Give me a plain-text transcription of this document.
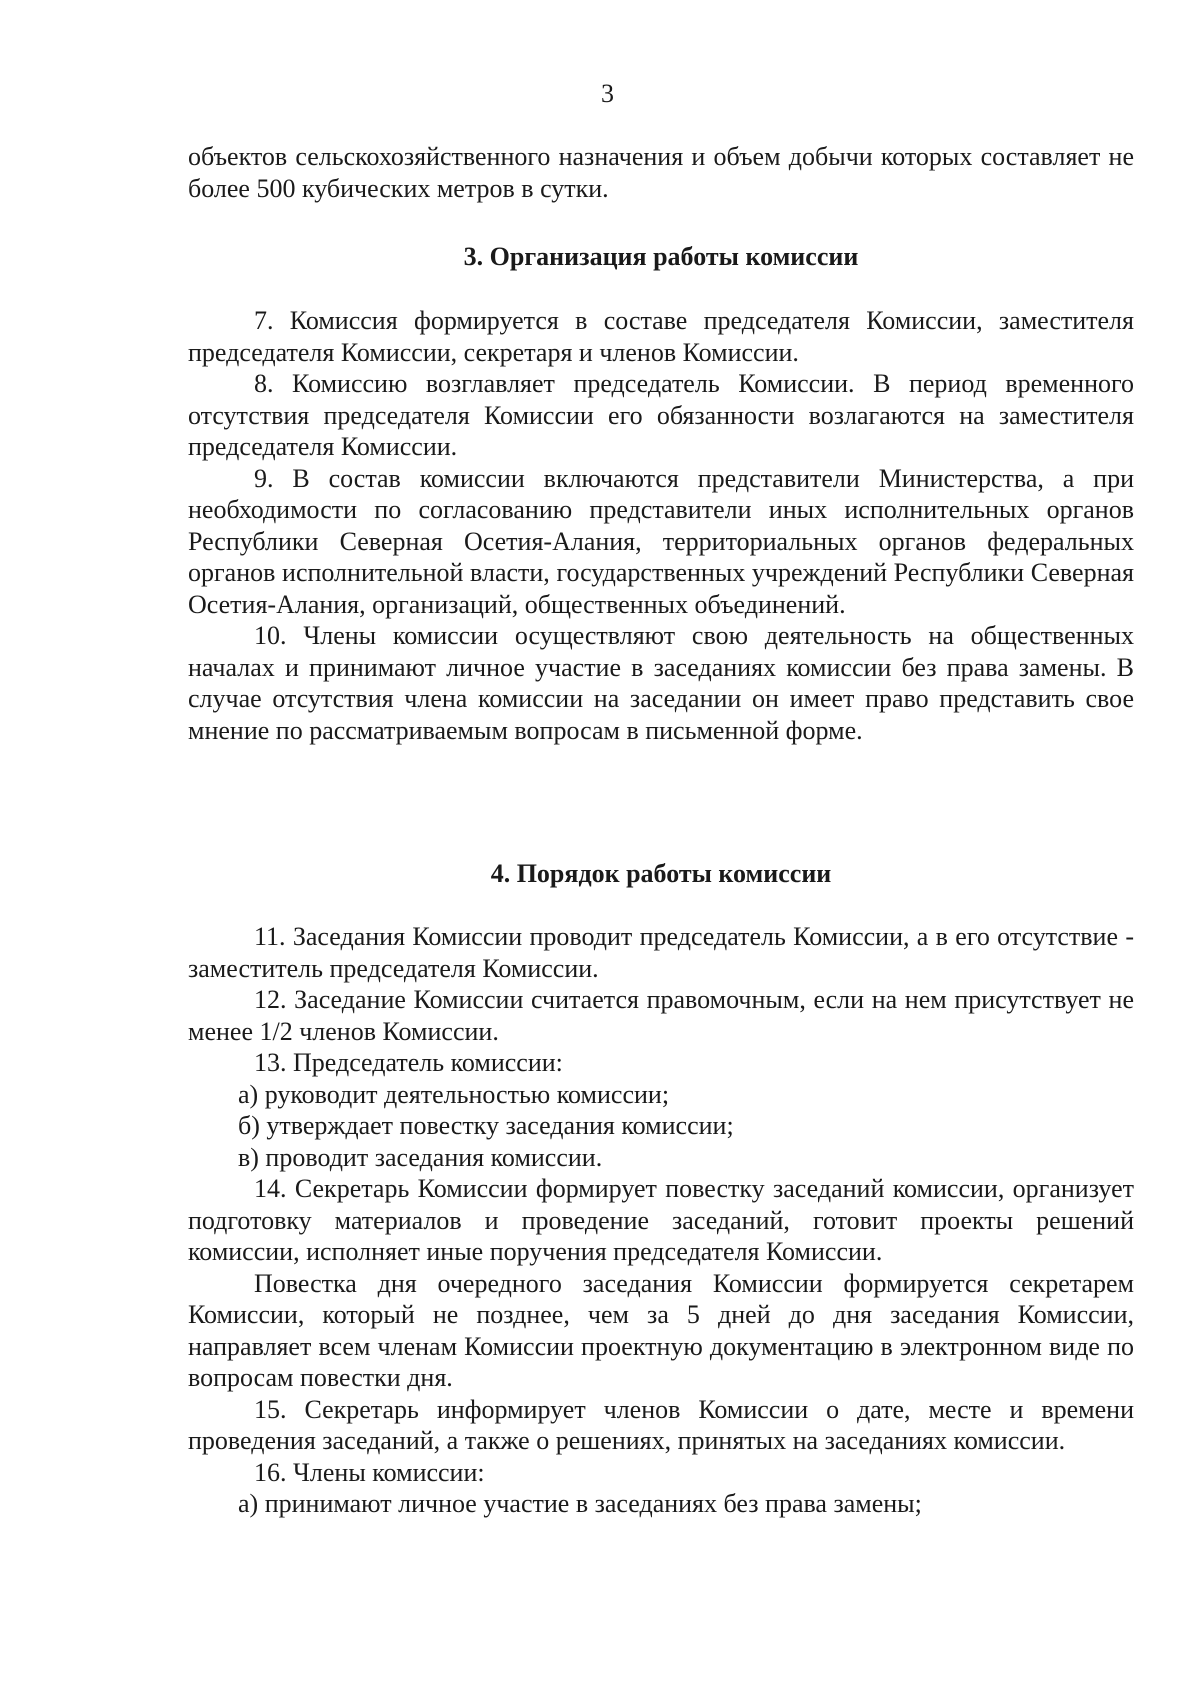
3

объектов сельскохозяйственного назначения и объем добычи которых составляет не более 500 кубических метров в сутки.

3. Организация работы комиссии

7. Комиссия формируется в составе председателя Комиссии, заместителя председателя Комиссии, секретаря и членов Комиссии.

8. Комиссию возглавляет председатель Комиссии. В период временного отсутствия председателя Комиссии его обязанности возлагаются на заместителя председателя Комиссии.

9. В состав комиссии включаются представители Министерства, а при необходимости по согласованию представители иных исполнительных органов Республики Северная Осетия-Алания, территориальных органов федеральных органов исполнительной власти, государственных учреждений Республики Северная Осетия-Алания, организаций, общественных объединений.

10. Члены комиссии осуществляют свою деятельность на общественных началах и принимают личное участие в заседаниях комиссии без права замены. В случае отсутствия члена комиссии на заседании он имеет право представить свое мнение по рассматриваемым вопросам в письменной форме.

4. Порядок работы комиссии

11. Заседания Комиссии проводит председатель Комиссии, а в его отсутствие - заместитель председателя Комиссии.

12. Заседание Комиссии считается правомочным, если на нем присутствует не менее 1/2 членов Комиссии.

13. Председатель комиссии:

а) руководит деятельностью комиссии;

б) утверждает повестку заседания комиссии;

в) проводит заседания комиссии.

14. Секретарь Комиссии формирует повестку заседаний комиссии, организует подготовку материалов и проведение заседаний, готовит проекты решений комиссии, исполняет иные поручения председателя Комиссии.

Повестка дня очередного заседания Комиссии формируется секретарем Комиссии, который не позднее, чем за 5 дней до дня заседания Комиссии, направляет всем членам Комиссии проектную документацию в электронном виде по вопросам повестки дня.

15. Секретарь информирует членов Комиссии о дате, месте и времени проведения заседаний, а также о решениях, принятых на заседаниях комиссии.

16. Члены комиссии:

а) принимают личное участие в заседаниях без права замены;
